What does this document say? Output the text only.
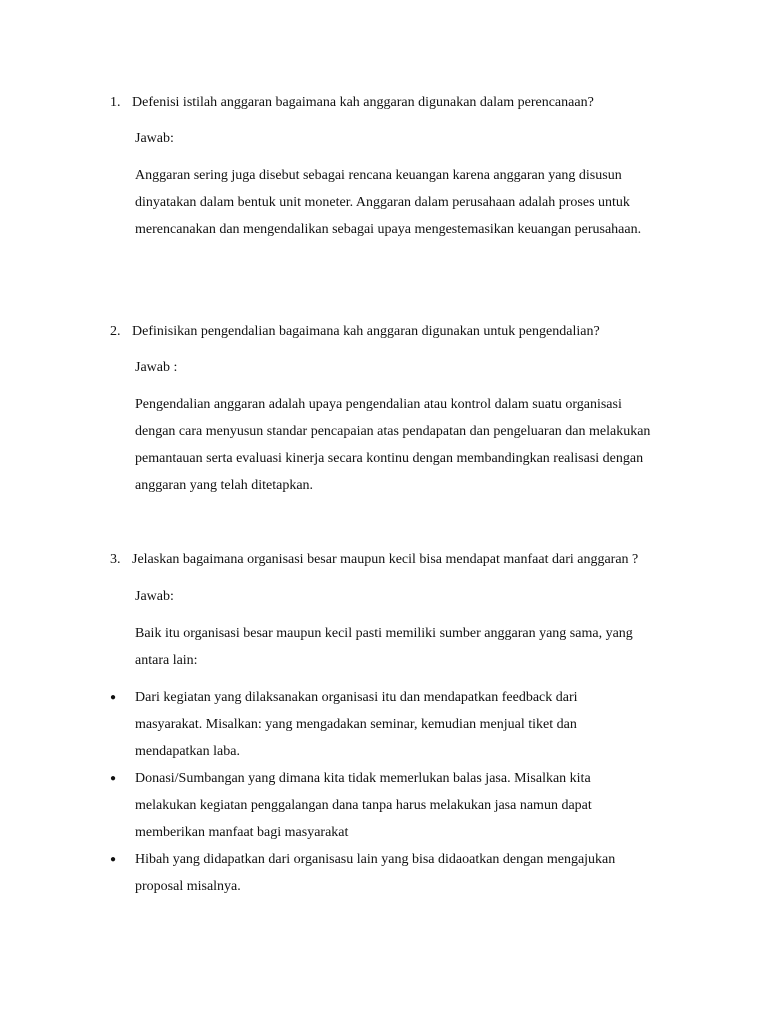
1. Defenisi istilah anggaran bagaimana kah anggaran digunakan dalam perencanaan?
Jawab:
Anggaran sering juga disebut sebagai rencana keuangan karena anggaran yang disusun dinyatakan dalam bentuk unit moneter. Anggaran dalam perusahaan adalah proses untuk merencanakan dan mengendalikan sebagai upaya mengestemasikan keuangan perusahaan.
2. Definisikan pengendalian bagaimana kah anggaran digunakan untuk pengendalian?
Jawab :
Pengendalian anggaran adalah upaya pengendalian atau kontrol dalam suatu organisasi dengan cara menyusun standar pencapaian atas pendapatan dan pengeluaran dan melakukan pemantauan serta evaluasi kinerja secara kontinu dengan membandingkan realisasi dengan anggaran yang telah ditetapkan.
3. Jelaskan bagaimana organisasi besar maupun kecil bisa mendapat manfaat dari anggaran ?
Jawab:
Baik itu organisasi besar maupun kecil pasti memiliki sumber anggaran yang sama, yang antara lain:
● Dari kegiatan yang dilaksanakan organisasi itu dan mendapatkan feedback dari masyarakat. Misalkan: yang mengadakan seminar, kemudian menjual tiket dan mendapatkan laba.
● Donasi/Sumbangan yang dimana kita tidak memerlukan balas jasa. Misalkan kita melakukan kegiatan penggalangan dana tanpa harus melakukan jasa namun dapat memberikan manfaat bagi masyarakat
● Hibah yang didapatkan dari organisasu lain yang bisa didaoatkan dengan mengajukan proposal misalnya.
